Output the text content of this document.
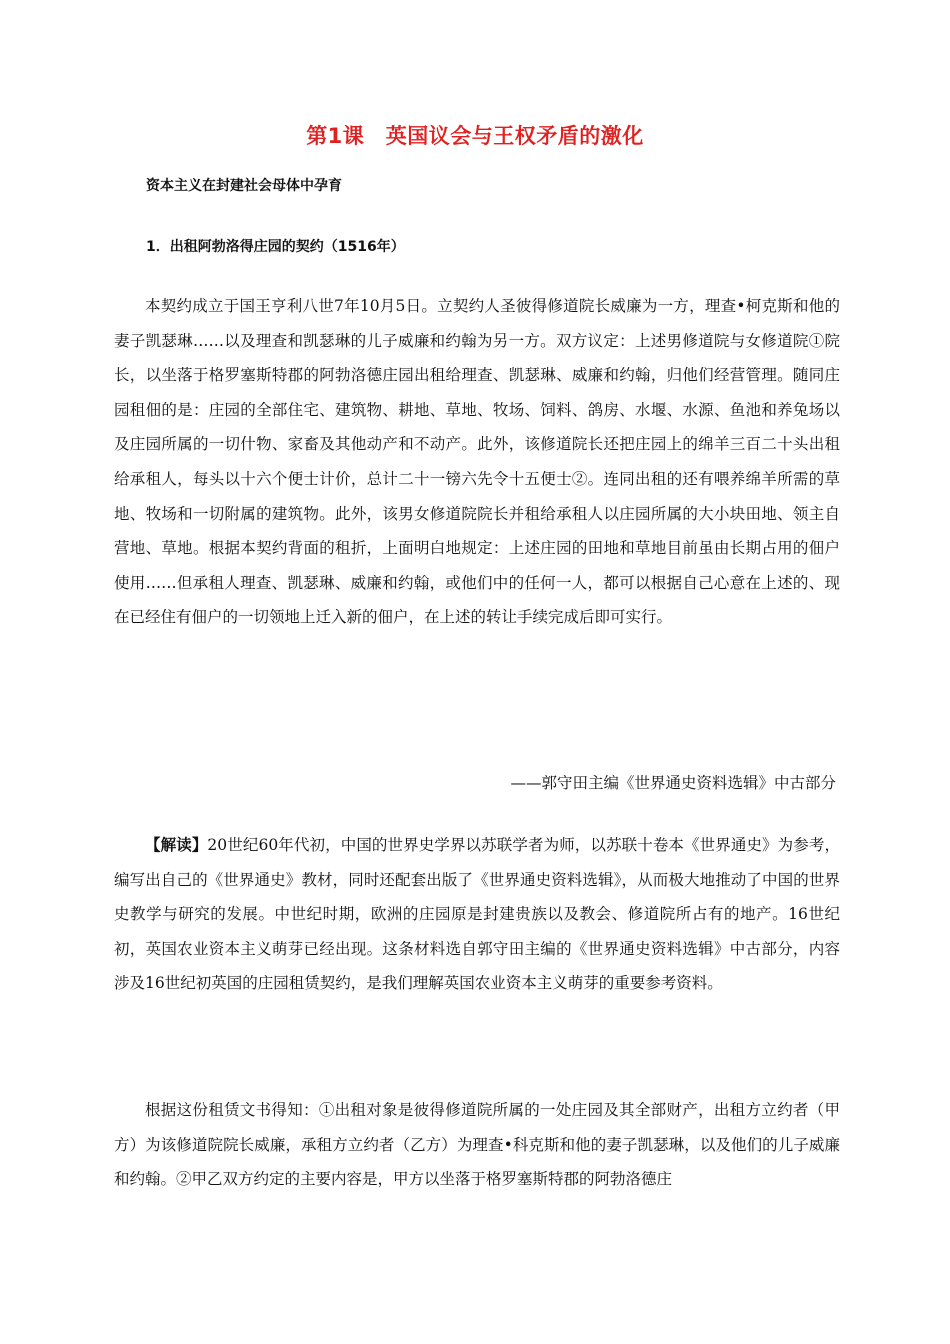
第1课　英国议会与王权矛盾的激化
资本主义在封建社会母体中孕育
1．出租阿勃洛得庄园的契约（1516年）

本契约成立于国王亨利八世7年10月5日。立契约人圣彼得修道院长威廉为一方，理查•柯克斯和他的妻子凯瑟琳……以及理查和凯瑟琳的儿子威廉和约翰为另一方。双方议定：上述男修道院与女修道院①院长，以坐落于格罗塞斯特郡的阿勃洛德庄园出租给理查、凯瑟琳、威廉和约翰，归他们经营管理。随同庄园租佃的是：庄园的全部住宅、建筑物、耕地、草地、牧场、饲料、鸽房、水堰、水源、鱼池和养兔场以及庄园所属的一切什物、家畜及其他动产和不动产。此外，该修道院长还把庄园上的绵羊三百二十头出租给承租人，每头以十六个便士计价，总计二十一镑六先令十五便士②。连同出租的还有喂养绵羊所需的草地、牧场和一切附属的建筑物。此外，该男女修道院院长并租给承租人以庄园所属的大小块田地、领主自营地、草地。根据本契约背面的租折，上面明白地规定：上述庄园的田地和草地目前虽由长期占用的佃户使用……但承租人理查、凯瑟琳、威廉和约翰，或他们中的任何一人，都可以根据自己心意在上述的、现在已经住有佃户的一切领地上迁入新的佃户，在上述的转让手续完成后即可实行。

——郭守田主编《世界通史资料选辑》中古部分

【解读】20世纪60年代初，中国的世界史学界以苏联学者为师，以苏联十卷本《世界通史》为参考，编写出自己的《世界通史》教材，同时还配套出版了《世界通史资料选辑》，从而极大地推动了中国的世界史教学与研究的发展。中世纪时期，欧洲的庄园原是封建贵族以及教会、修道院所占有的地产。16世纪初，英国农业资本主义萌芽已经出现。这条材料选自郭守田主编的《世界通史资料选辑》中古部分，内容涉及16世纪初英国的庄园租赁契约，是我们理解英国农业资本主义萌芽的重要参考资料。

根据这份租赁文书得知：①出租对象是彼得修道院所属的一处庄园及其全部财产，出租方立约者（甲方）为该修道院院长威廉，承租方立约者（乙方）为理查•科克斯和他的妻子凯瑟琳，以及他们的儿子威廉和约翰。②甲乙双方约定的主要内容是，甲方以坐落于格罗塞斯特郡的阿勃洛德庄
